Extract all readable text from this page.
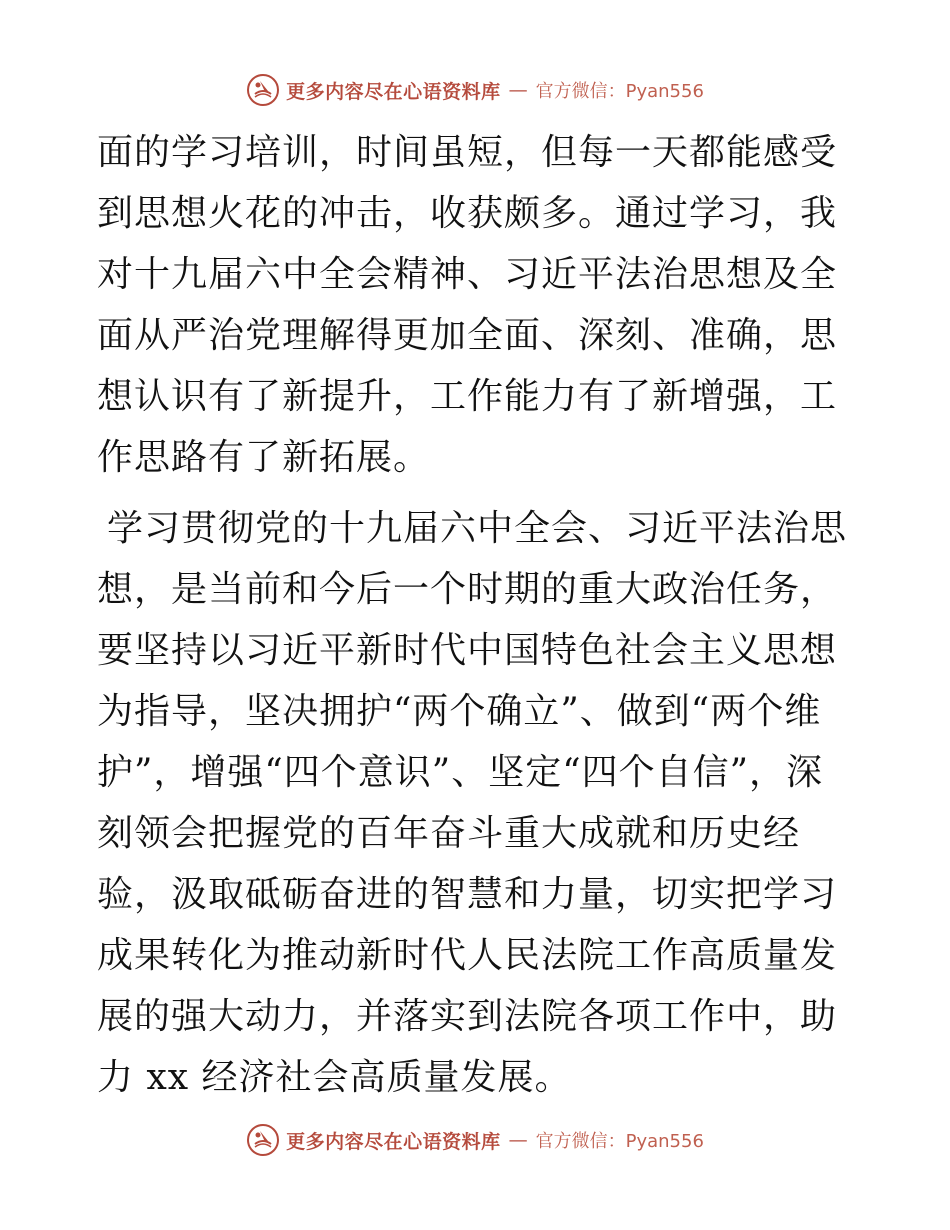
更多内容尽在心语资料库 — 官方微信：Pyan556

面的学习培训，时间虽短，但每一天都能感受到思想火花的冲击，收获颇多。通过学习，我对十九届六中全会精神、习近平法治思想及全面从严治党理解得更加全面、深刻、准确，思想认识有了新提升，工作能力有了新增强，工作思路有了新拓展。

学习贯彻党的十九届六中全会、习近平法治思想，是当前和今后一个时期的重大政治任务，要坚持以习近平新时代中国特色社会主义思想为指导，坚决拥护“两个确立”、做到“两个维护”，增强“四个意识”、坚定“四个自信”，深刻领会把握党的百年奋斗重大成就和历史经验，汲取砥砺奋进的智慧和力量，切实把学习成果转化为推动新时代人民法院工作高质量发展的强大动力，并落实到法院各项工作中，助力 xx 经济社会高质量发展。

更多内容尽在心语资料库 — 官方微信：Pyan556
